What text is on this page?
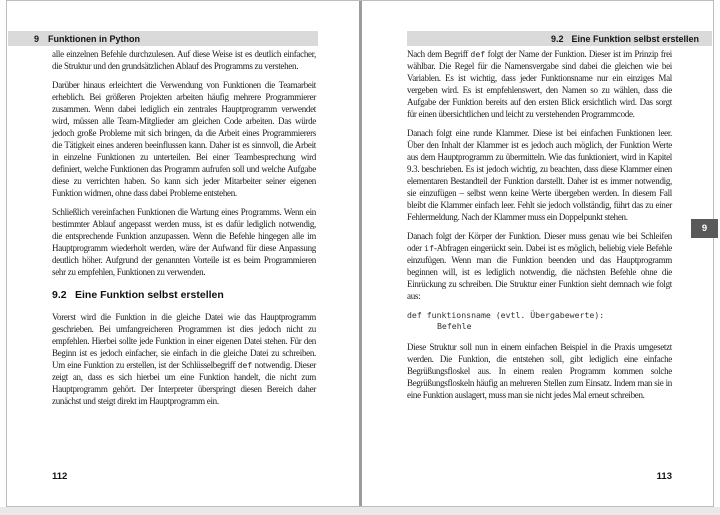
9 Funktionen in Python
alle einzelnen Befehle durchzulesen. Auf diese Weise ist es deutlich einfacher, die Struktur und den grundsätzlichen Ablauf des Programms zu verstehen.
Darüber hinaus erleichtert die Verwendung von Funktionen die Teamarbeit erheblich. Bei größeren Projekten arbeiten häufig mehrere Programmierer zusammen. Wenn dabei lediglich ein zentrales Hauptprogramm verwendet wird, müssen alle Team-Mitglieder am gleichen Code arbeiten. Das würde jedoch große Probleme mit sich bringen, da die Arbeit eines Programmierers die Tätigkeit eines anderen beeinflussen kann. Daher ist es sinnvoll, die Arbeit in einzelne Funktionen zu unterteilen. Bei einer Teambesprechung wird definiert, welche Funktionen das Programm aufrufen soll und welche Aufgabe diese zu verrichten haben. So kann sich jeder Mitarbeiter seiner eigenen Funktion widmen, ohne dass dabei Probleme entstehen.
Schließlich vereinfachen Funktionen die Wartung eines Programms. Wenn ein bestimmter Ablauf angepasst werden muss, ist es dafür lediglich notwendig, die entsprechende Funktion anzupassen. Wenn die Befehle hingegen alle im Hauptprogramm wiederholt werden, wäre der Aufwand für diese Anpassung deutlich höher. Aufgrund der genannten Vorteile ist es beim Programmieren sehr zu empfehlen, Funktionen zu verwenden.
9.2 Eine Funktion selbst erstellen
Vorerst wird die Funktion in die gleiche Datei wie das Hauptprogramm geschrieben. Bei umfangreicheren Programmen ist dies jedoch nicht zu empfehlen. Hierbei sollte jede Funktion in einer eigenen Datei stehen. Für den Beginn ist es jedoch einfacher, sie einfach in die gleiche Datei zu schreiben. Um eine Funktion zu erstellen, ist der Schlüsselbegriff def notwendig. Dieser zeigt an, dass es sich hierbei um eine Funktion handelt, die nicht zum Hauptprogramm gehört. Der Interpreter überspringt diesen Bereich daher zunächst und steigt direkt im Hauptprogramm ein.
112
9.2 Eine Funktion selbst erstellen
Nach dem Begriff def folgt der Name der Funktion. Dieser ist im Prinzip frei wählbar. Die Regel für die Namensvergabe sind dabei die gleichen wie bei Variablen. Es ist wichtig, dass jeder Funktionsname nur ein einziges Mal vergeben wird. Es ist empfehlenswert, den Namen so zu wählen, dass die Aufgabe der Funktion bereits auf den ersten Blick ersichtlich wird. Das sorgt für einen übersichtlichen und leicht zu verstehenden Programmcode.
Danach folgt eine runde Klammer. Diese ist bei einfachen Funktionen leer. Über den Inhalt der Klammer ist es jedoch auch möglich, der Funktion Werte aus dem Hauptprogramm zu übermitteln. Wie das funktioniert, wird in Kapitel 9.3. beschrieben. Es ist jedoch wichtig, zu beachten, dass diese Klammer einen elementaren Bestandteil der Funktion darstellt. Daher ist es immer notwendig, sie einzufügen – selbst wenn keine Werte übergeben werden. In diesem Fall bleibt die Klammer einfach leer. Fehlt sie jedoch vollständig, führt das zu einer Fehlermeldung. Nach der Klammer muss ein Doppelpunkt stehen.
Danach folgt der Körper der Funktion. Dieser muss genau wie bei Schleifen oder if-Abfragen eingerückt sein. Dabei ist es möglich, beliebig viele Befehle einzufügen. Wenn man die Funktion beenden und das Hauptprogramm beginnen will, ist es lediglich notwendig, die nächsten Befehle ohne die Einrückung zu schreiben. Die Struktur einer Funktion sieht demnach wie folgt aus:
def funktionsname (evtl. Übergabewerte):
Befehle
Diese Struktur soll nun in einem einfachen Beispiel in die Praxis umgesetzt werden. Die Funktion, die entstehen soll, gibt lediglich eine einfache Begrüßungsfloskel aus. In einem realen Programm kommen solche Begrüßungsfloskeln häufig an mehreren Stellen zum Einsatz. Indem man sie in eine Funktion auslagert, muss man sie nicht jedes Mal erneut schreiben.
113
9
